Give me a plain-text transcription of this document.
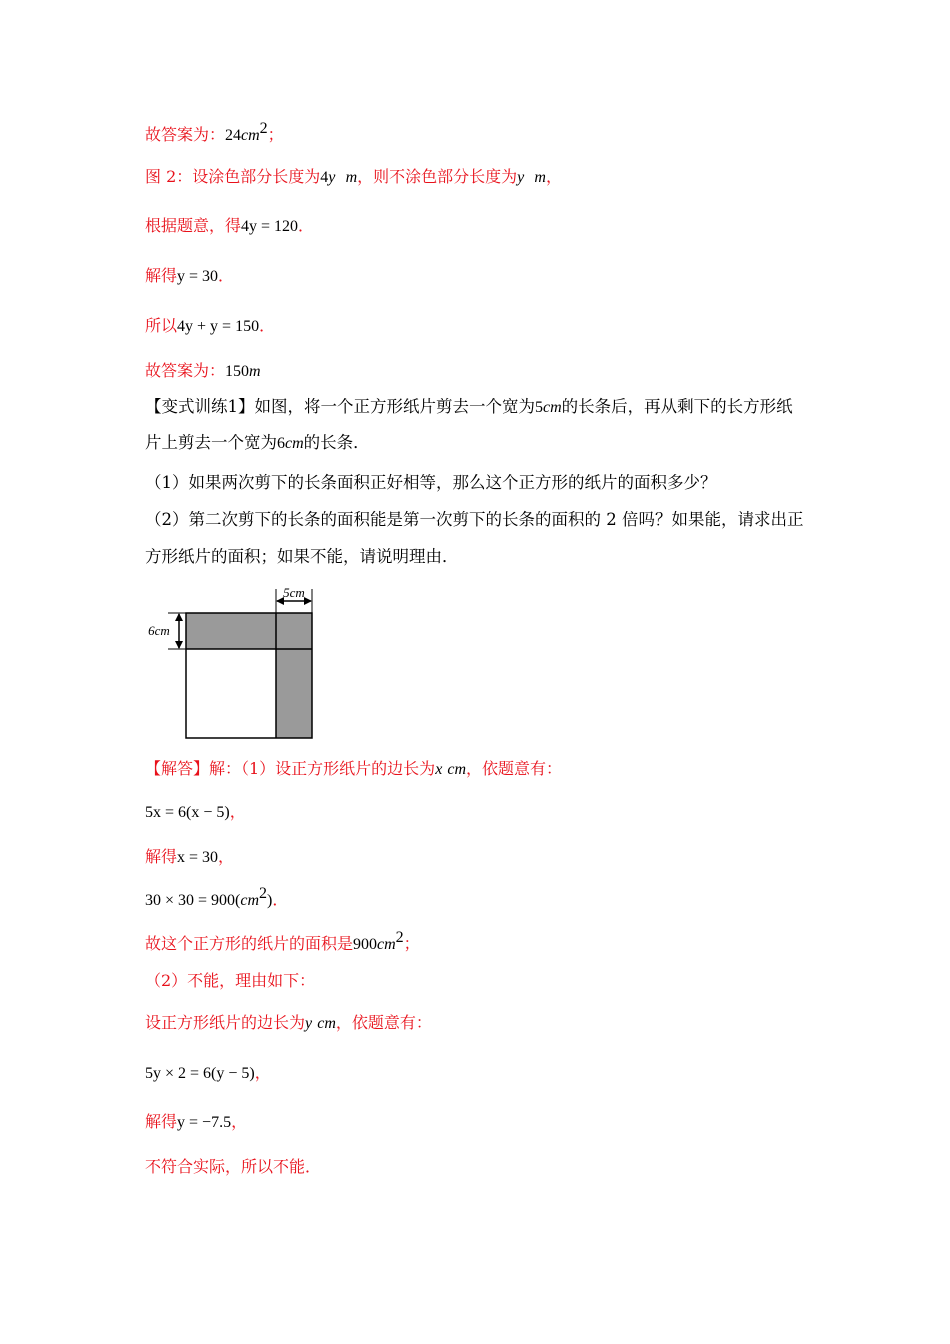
故答案为：$24cm^2$；
图 2：设涂色部分长度为4y m，则不涂色部分长度为y m，
根据题意，得4y = 120．
解得y = 30．
所以4y + y = 150．
故答案为：150m
【变式训练1】如图，将一个正方形纸片剪去一个宽为5cm的长条后，再从剩下的长方形纸
片上剪去一个宽为6cm的长条．
（1）如果两次剪下的长条面积正好相等，那么这个正方形的纸片的面积多少？
（2）第二次剪下的长条的面积能是第一次剪下的长条的面积的 2 倍吗？如果能，请求出正
方形纸片的面积；如果不能，请说明理由．
5cm
6cm
【解答】解：（1）设正方形纸片的边长为x cm，依题意有：
5x = 6(x − 5)，
解得x = 30，
$30 \times 30 = 900(cm^2)$．
故这个正方形的纸片的面积是$900cm^2$；
（2）不能，理由如下：
设正方形纸片的边长为y cm，依题意有：
5y × 2 = 6(y − 5)，
解得y = −7.5，
不符合实际，所以不能．
